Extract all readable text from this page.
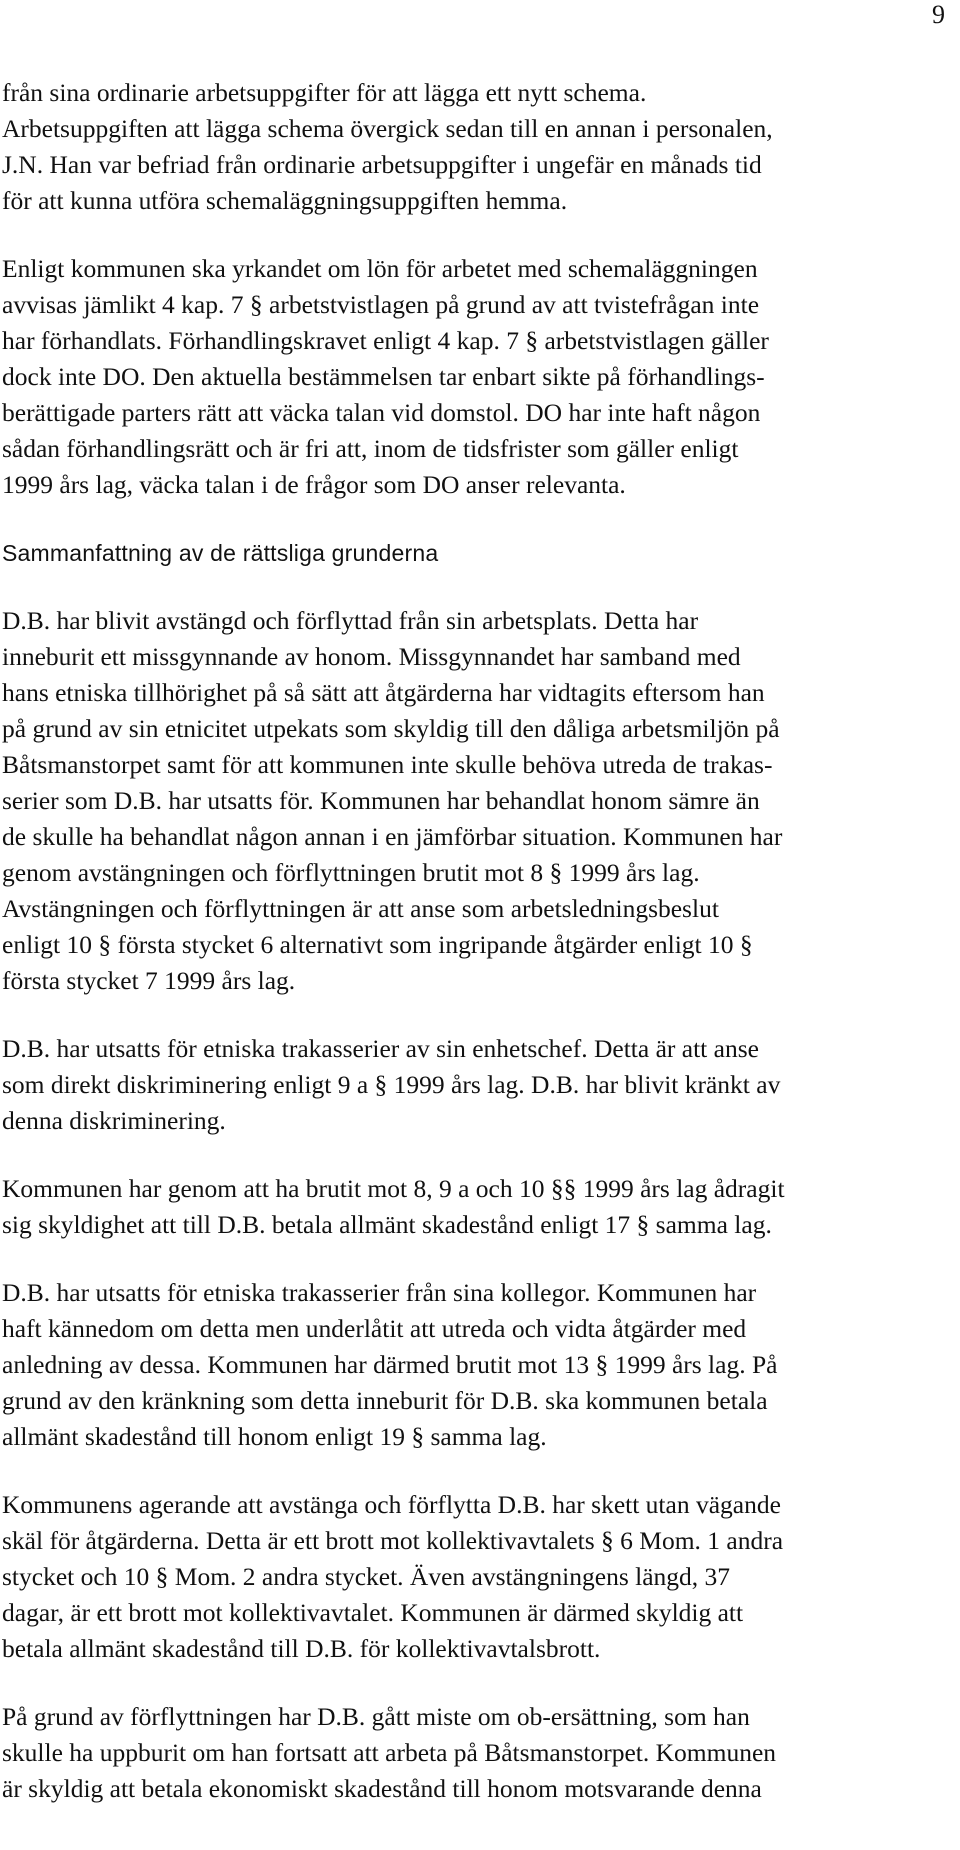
9
från sina ordinarie arbetsuppgifter för att lägga ett nytt schema.
Arbetsuppgiften att lägga schema övergick sedan till en annan i personalen,
J.N. Han var befriad från ordinarie arbetsuppgifter i ungefär en månads tid
för att kunna utföra schemaläggningsuppgiften hemma.
Enligt kommunen ska yrkandet om lön för arbetet med schemaläggningen
avvisas jämlikt 4 kap. 7 § arbetstvistlagen på grund av att tvistefrågan inte
har förhandlats. Förhandlingskravet enligt 4 kap. 7 § arbetstvistlagen gäller
dock inte DO. Den aktuella bestämmelsen tar enbart sikte på förhandlings-
berättigade parters rätt att väcka talan vid domstol. DO har inte haft någon
sådan förhandlingsrätt och är fri att, inom de tidsfrister som gäller enligt
1999 års lag, väcka talan i de frågor som DO anser relevanta.
Sammanfattning av de rättsliga grunderna
D.B. har blivit avstängd och förflyttad från sin arbetsplats. Detta har
inneburit ett missgynnande av honom. Missgynnandet har samband med
hans etniska tillhörighet på så sätt att åtgärderna har vidtagits eftersom han
på grund av sin etnicitet utpekats som skyldig till den dåliga arbetsmiljön på
Båtsmanstorpet samt för att kommunen inte skulle behöva utreda de trakas-
serier som D.B. har utsatts för. Kommunen har behandlat honom sämre än
de skulle ha behandlat någon annan i en jämförbar situation. Kommunen har
genom avstängningen och förflyttningen brutit mot 8 § 1999 års lag.
Avstängningen och förflyttningen är att anse som arbetsledningsbeslut
enligt 10 § första stycket 6 alternativt som ingripande åtgärder enligt 10 §
första stycket 7 1999 års lag.
D.B. har utsatts för etniska trakasserier av sin enhetschef. Detta är att anse
som direkt diskriminering enligt 9 a § 1999 års lag. D.B. har blivit kränkt av
denna diskriminering.
Kommunen har genom att ha brutit mot 8, 9 a och 10 §§ 1999 års lag ådragit
sig skyldighet att till D.B. betala allmänt skadestånd enligt 17 § samma lag.
D.B. har utsatts för etniska trakasserier från sina kollegor. Kommunen har
haft kännedom om detta men underlåtit att utreda och vidta åtgärder med
anledning av dessa. Kommunen har därmed brutit mot 13 § 1999 års lag. På
grund av den kränkning som detta inneburit för D.B. ska kommunen betala
allmänt skadestånd till honom enligt 19 § samma lag.
Kommunens agerande att avstänga och förflytta D.B. har skett utan vägande
skäl för åtgärderna. Detta är ett brott mot kollektivavtalets § 6 Mom. 1 andra
stycket och 10 § Mom. 2 andra stycket. Även avstängningens längd, 37
dagar, är ett brott mot kollektivavtalet. Kommunen är därmed skyldig att
betala allmänt skadestånd till D.B. för kollektivavtalsbrott.
På grund av förflyttningen har D.B. gått miste om ob-ersättning, som han
skulle ha uppburit om han fortsatt att arbeta på Båtsmanstorpet. Kommunen
är skyldig att betala ekonomiskt skadestånd till honom motsvarande denna
